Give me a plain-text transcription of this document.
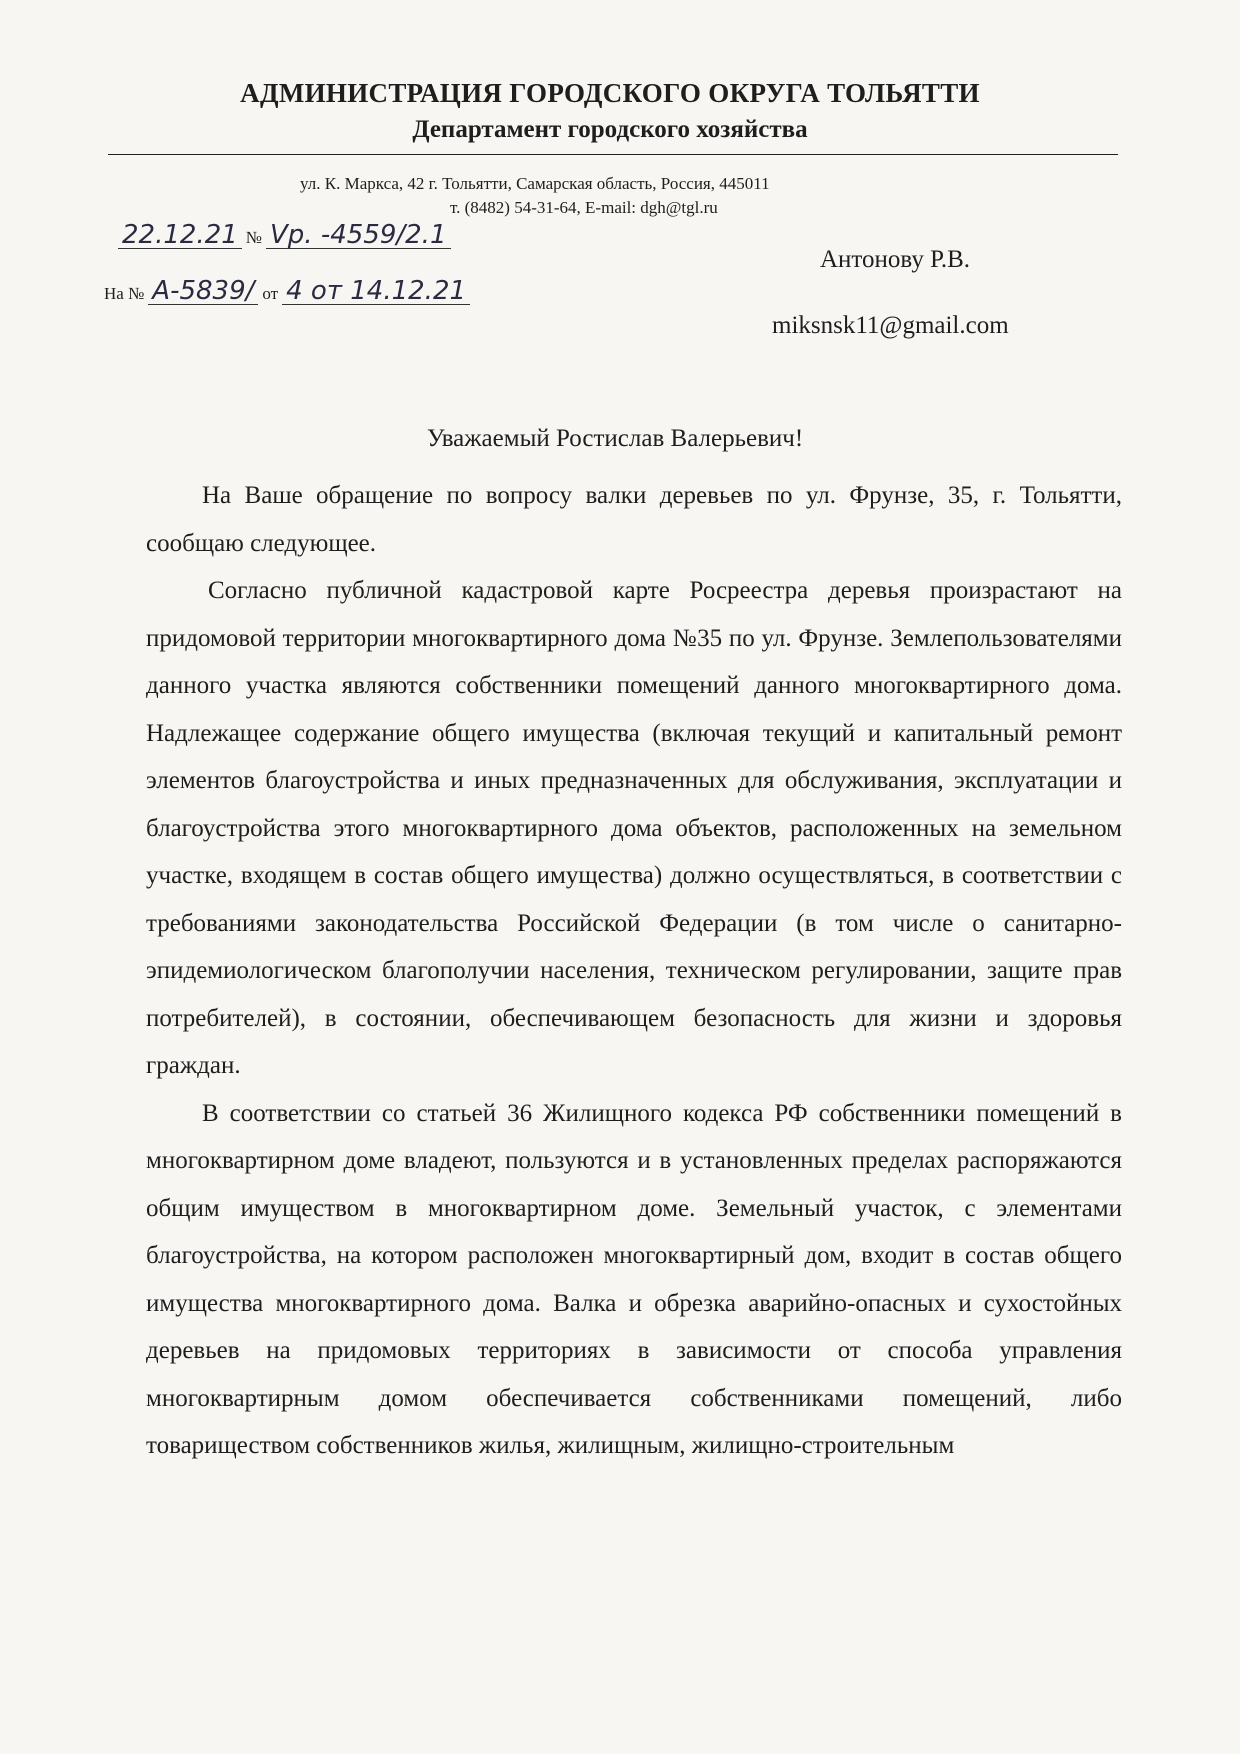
АДМИНИСТРАЦИЯ ГОРОДСКОГО ОКРУГА ТОЛЬЯТТИ
Департамент городского хозяйства
ул. К. Маркса, 42 г. Тольятти, Самарская область, Россия, 445011
т. (8482) 54-31-64, E-mail: dgh@tgl.ru
22.12.21 № Vр. -4559/2.1
На № А-5839/ от 4 от 14.12.21
Антонову Р.В.
miksnsk11@gmail.com
Уважаемый Ростислав Валерьевич!

На Ваше обращение по вопросу валки деревьев по ул. Фрунзе, 35, г. Тольятти, сообщаю следующее.

Согласно публичной кадастровой карте Росреестра деревья произрастают на придомовой территории многоквартирного дома №35 по ул. Фрунзе. Землепользователями данного участка являются собственники помещений данного многоквартирного дома. Надлежащее содержание общего имущества (включая текущий и капитальный ремонт элементов благоустройства и иных предназначенных для обслуживания, эксплуатации и благоустройства этого многоквартирного дома объектов, расположенных на земельном участке, входящем в состав общего имущества) должно осуществляться, в соответствии с требованиями законодательства Российской Федерации (в том числе о санитарно-эпидемиологическом благополучии населения, техническом регулировании, защите прав потребителей), в состоянии, обеспечивающем безопасность для жизни и здоровья граждан.

В соответствии со статьей 36 Жилищного кодекса РФ собственники помещений в многоквартирном доме владеют, пользуются и в установленных пределах распоряжаются общим имуществом в многоквартирном доме. Земельный участок, с элементами благоустройства, на котором расположен многоквартирный дом, входит в состав общего имущества многоквартирного дома. Валка и обрезка аварийно-опасных и сухостойных деревьев на придомовых территориях в зависимости от способа управления многоквартирным домом обеспечивается собственниками помещений, либо товариществом собственников жилья, жилищным, жилищно-строительным
